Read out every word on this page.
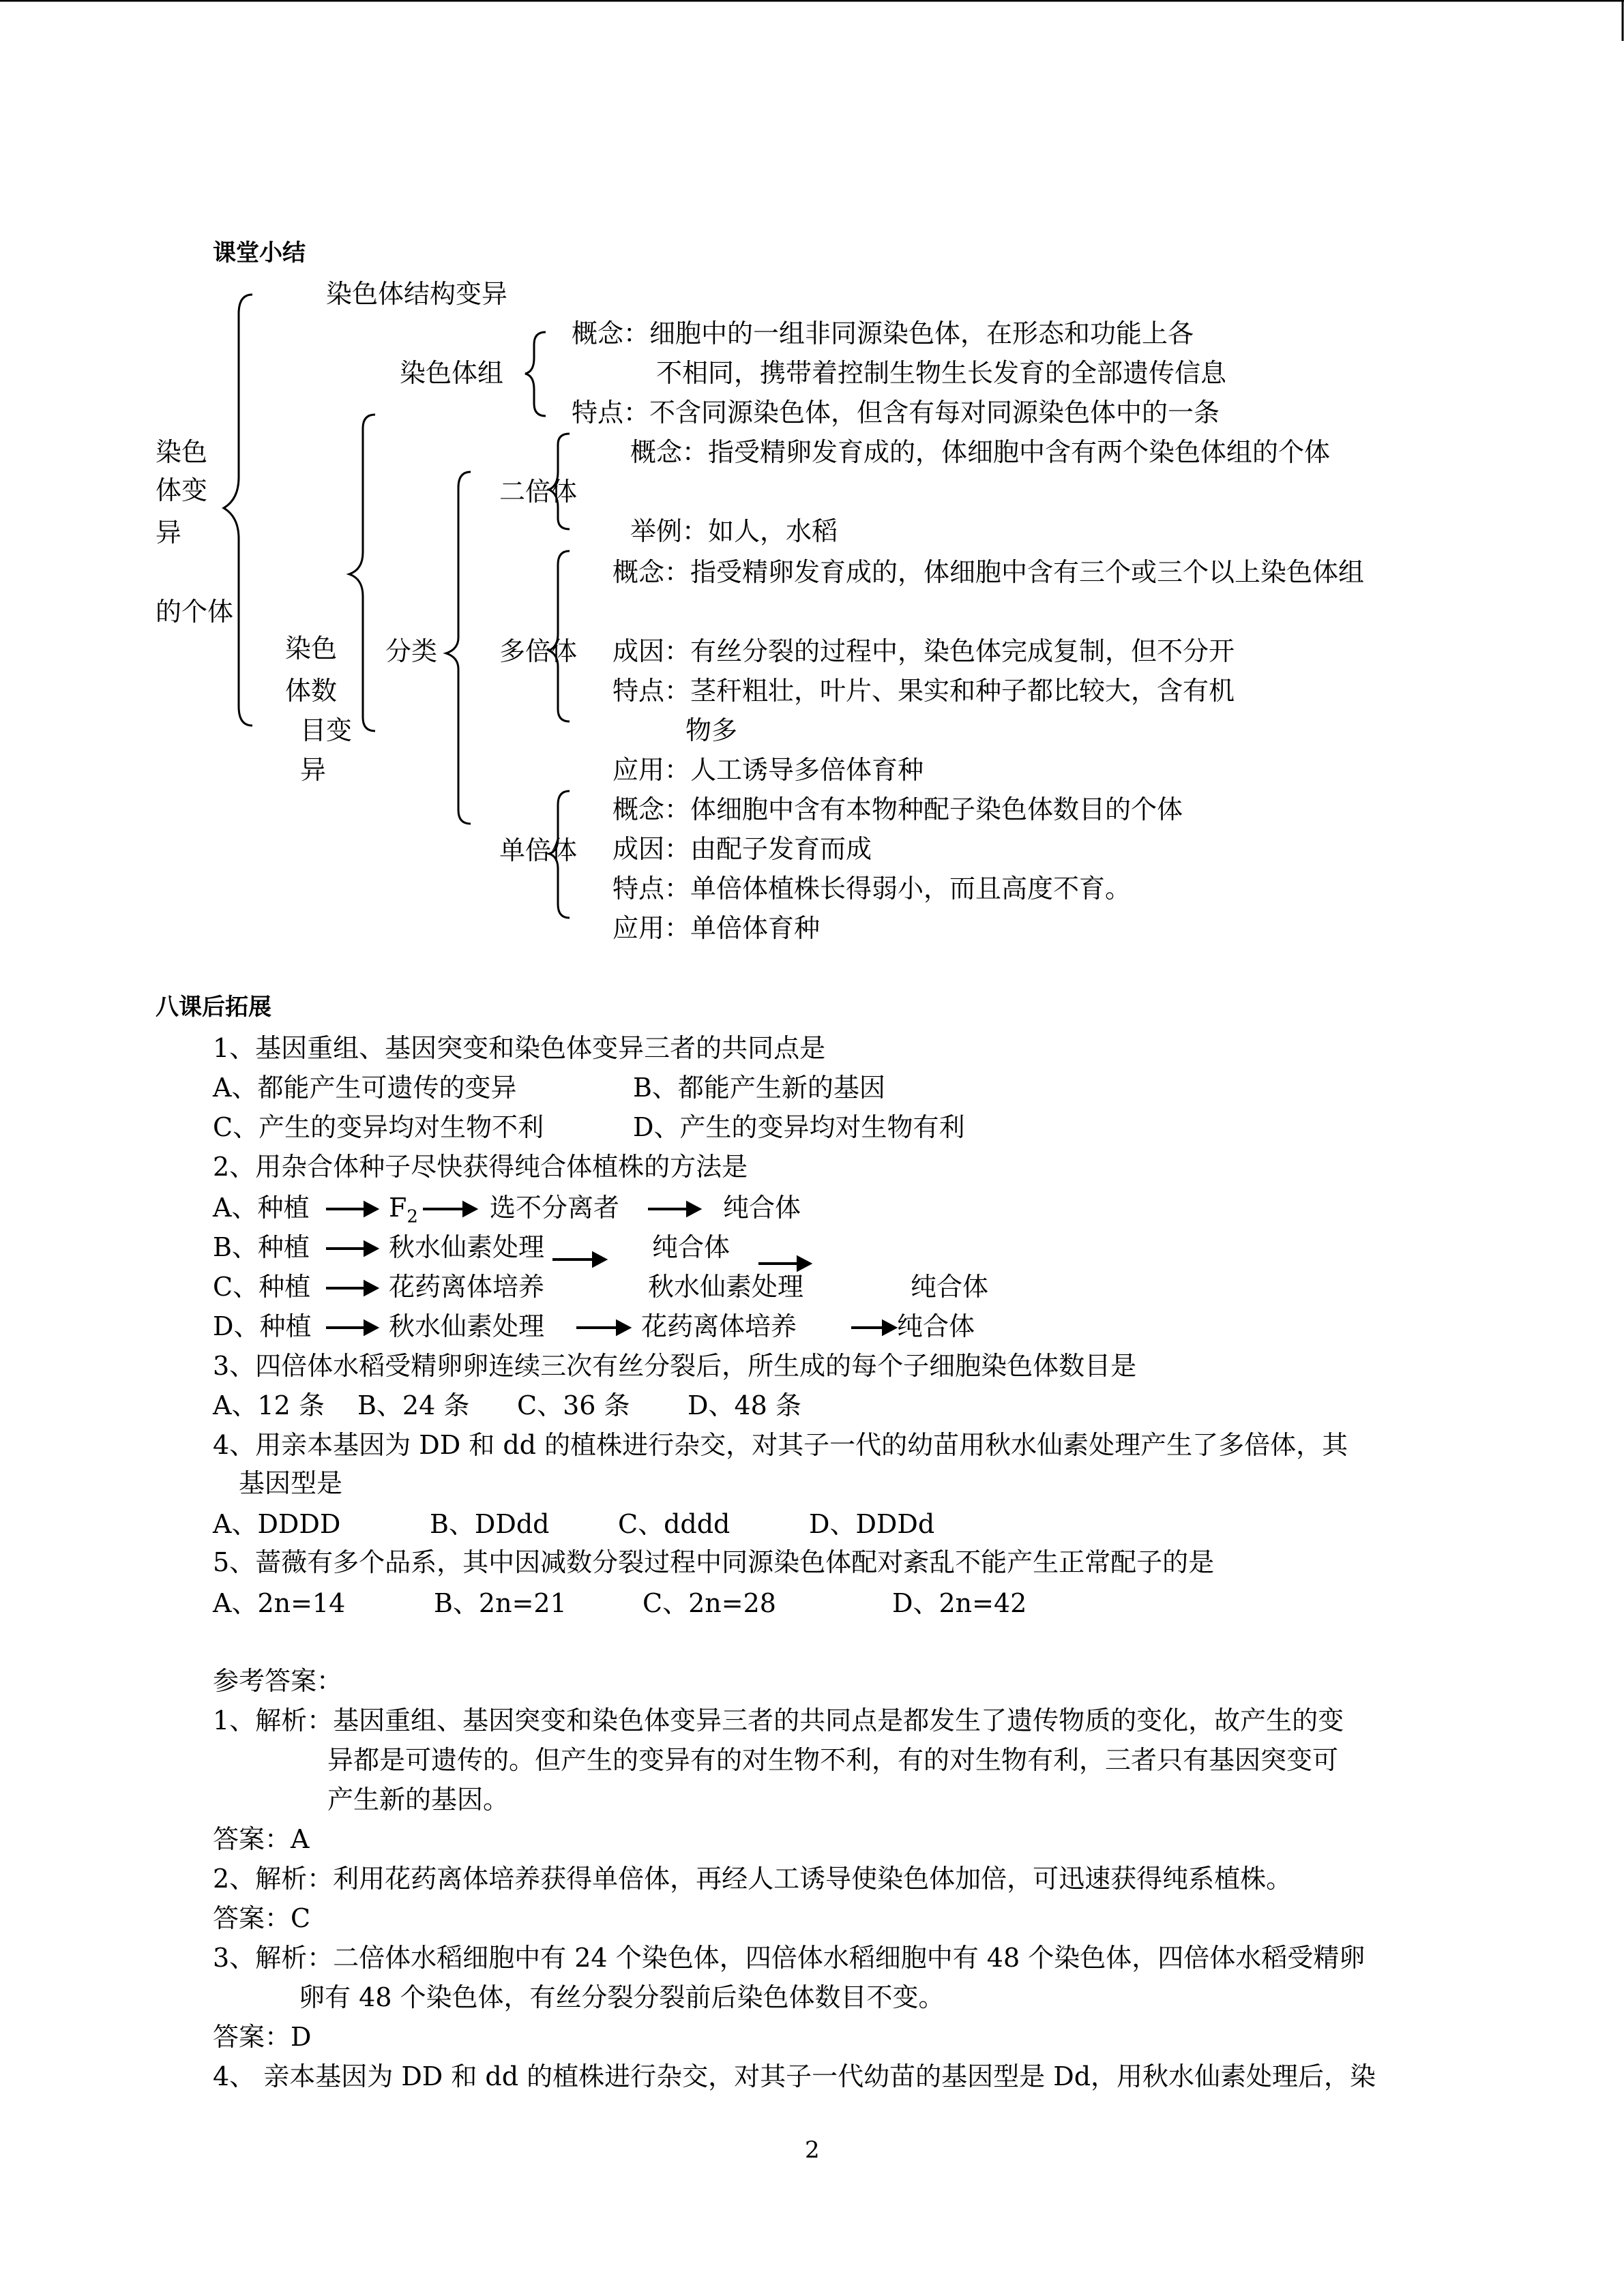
课堂小结
染色体结构变异
染色
体变
异
的个体
染色体组
概念：细胞中的一组非同源染色体，在形态和功能上各
不相同，携带着控制生物生长发育的全部遗传信息
特点：不含同源染色体，但含有每对同源染色体中的一条
染色
体数
目变
异
分类
二倍体
概念：指受精卵发育成的，体细胞中含有两个染色体组的个体
举例：如人，水稻
多倍体
概念：指受精卵发育成的，体细胞中含有三个或三个以上染色体组
成因：有丝分裂的过程中，染色体完成复制，但不分开
特点：茎秆粗壮，叶片、果实和种子都比较大，含有机
物多
应用：人工诱导多倍体育种
单倍体
概念：体细胞中含有本物种配子染色体数目的个体
成因：由配子发育而成
特点：单倍体植株长得弱小，而且高度不育。
应用：单倍体育种
八课后拓展
1、基因重组、基因突变和染色体变异三者的共同点是
A、都能产生可遗传的变异	B、都能产生新的基因
C、产生的变异均对生物不利	D、产生的变异均对生物有利
2、用杂合体种子尽快获得纯合体植株的方法是
A、种植	$F_2$	选不分离者	纯合体
B、种植	秋水仙素处理	纯合体
C、种植	花药离体培养	秋水仙素处理	纯合体
D、种植	秋水仙素处理	花药离体培养	纯合体
3、四倍体水稻受精卵卵连续三次有丝分裂后，所生成的每个子细胞染色体数目是
A、12 条 B、24 条 C、36 条 D、48 条
4、用亲本基因为 DD 和 dd 的植株进行杂交，对其子一代的幼苗用秋水仙素处理产生了多倍体，其
基因型是
A、DDDD	B、DDdd	C、dddd	D、DDDd
5、蔷薇有多个品系，其中因减数分裂过程中同源染色体配对紊乱不能产生正常配子的是
A、2n=14	B、2n=21	C、2n=28	D、2n=42
参考答案：
1、解析：基因重组、基因突变和染色体变异三者的共同点是都发生了遗传物质的变化，故产生的变
异都是可遗传的。但产生的变异有的对生物不利，有的对生物有利，三者只有基因突变可
产生新的基因。
答案：A
2、解析：利用花药离体培养获得单倍体，再经人工诱导使染色体加倍，可迅速获得纯系植株。
答案：C
3、解析：二倍体水稻细胞中有 24 个染色体，四倍体水稻细胞中有 48 个染色体，四倍体水稻受精卵
卵有 48 个染色体，有丝分裂分裂前后染色体数目不变。
答案：D
4、 亲本基因为 DD 和 dd 的植株进行杂交，对其子一代幼苗的基因型是 Dd，用秋水仙素处理后，染
2
